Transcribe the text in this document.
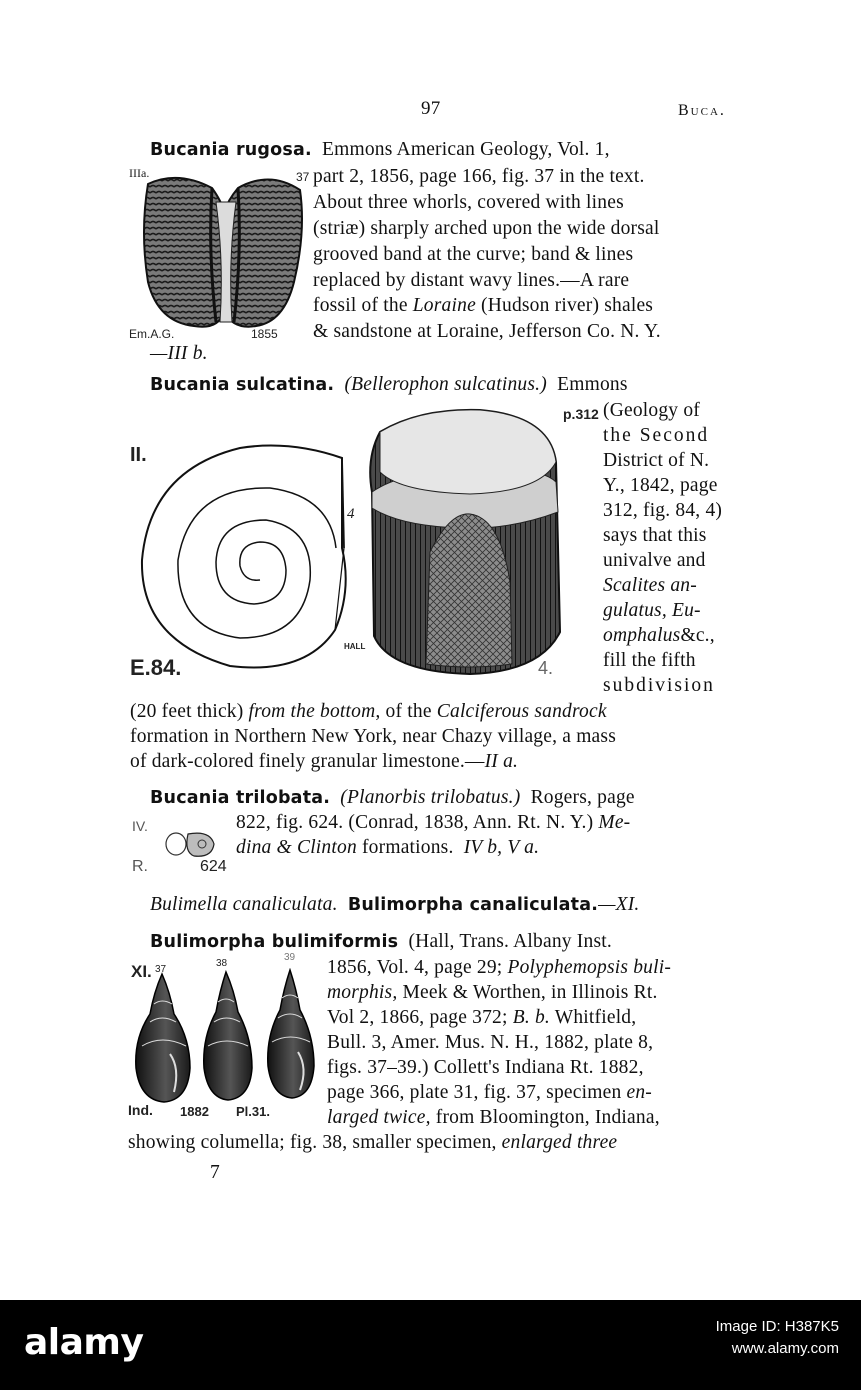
97	Buca.
Bucania rugosa. Emmons American Geology, Vol. 1,
part 2, 1856, page 166, fig. 37 in the text.
About three whorls, covered with lines
(striæ) sharply arched upon the wide dorsal
grooved band at the curve; band & lines
replaced by distant wavy lines.—A rare
fossil of the Loraine (Hudson river) shales
& sandstone at Loraine, Jefferson Co. N. Y.
—III b.
IIIa.	37
Em.A.G.	1855
Bucania sulcatina. (Bellerophon sulcatinus.) Emmons
(Geology of
the Second
District of N.
Y., 1842, page
312, fig. 84, 4)
says that this
univalve and
Scalites an-
gulatus, Eu-
omphalus&c.,
fill the fifth
subdivision
(20 feet thick) from the bottom, of the Calciferous sandrock
formation in Northern New York, near Chazy village, a mass
of dark-colored finely granular limestone.—II a.
II.
p.312
4
E.84.
HALL
4.
Bucania trilobata. (Planorbis trilobatus.) Rogers, page
822, fig. 624. (Conrad, 1838, Ann. Rt. N. Y.) Me-
dina & Clinton formations. IV b, V a.
IV.
R.	624
Bulimella canaliculata. Bulimorpha canaliculata.—XI.
Bulimorpha bulimiformis (Hall, Trans. Albany Inst.
1856, Vol. 4, page 29; Polyphemopsis buli-
morphis, Meek & Worthen, in Illinois Rt.
Vol 2, 1866, page 372; B. b. Whitfield,
Bull. 3, Amer. Mus. N. H., 1882, plate 8,
figs. 37–39.) Collett's Indiana Rt. 1882,
page 366, plate 31, fig. 37, specimen en-
larged twice, from Bloomington, Indiana,
showing columella; fig. 38, smaller specimen, enlarged three
XI. 37
38
39
Ind. 1882 Pl.31.
7
alamy	Image ID: H387K5
www.alamy.com
